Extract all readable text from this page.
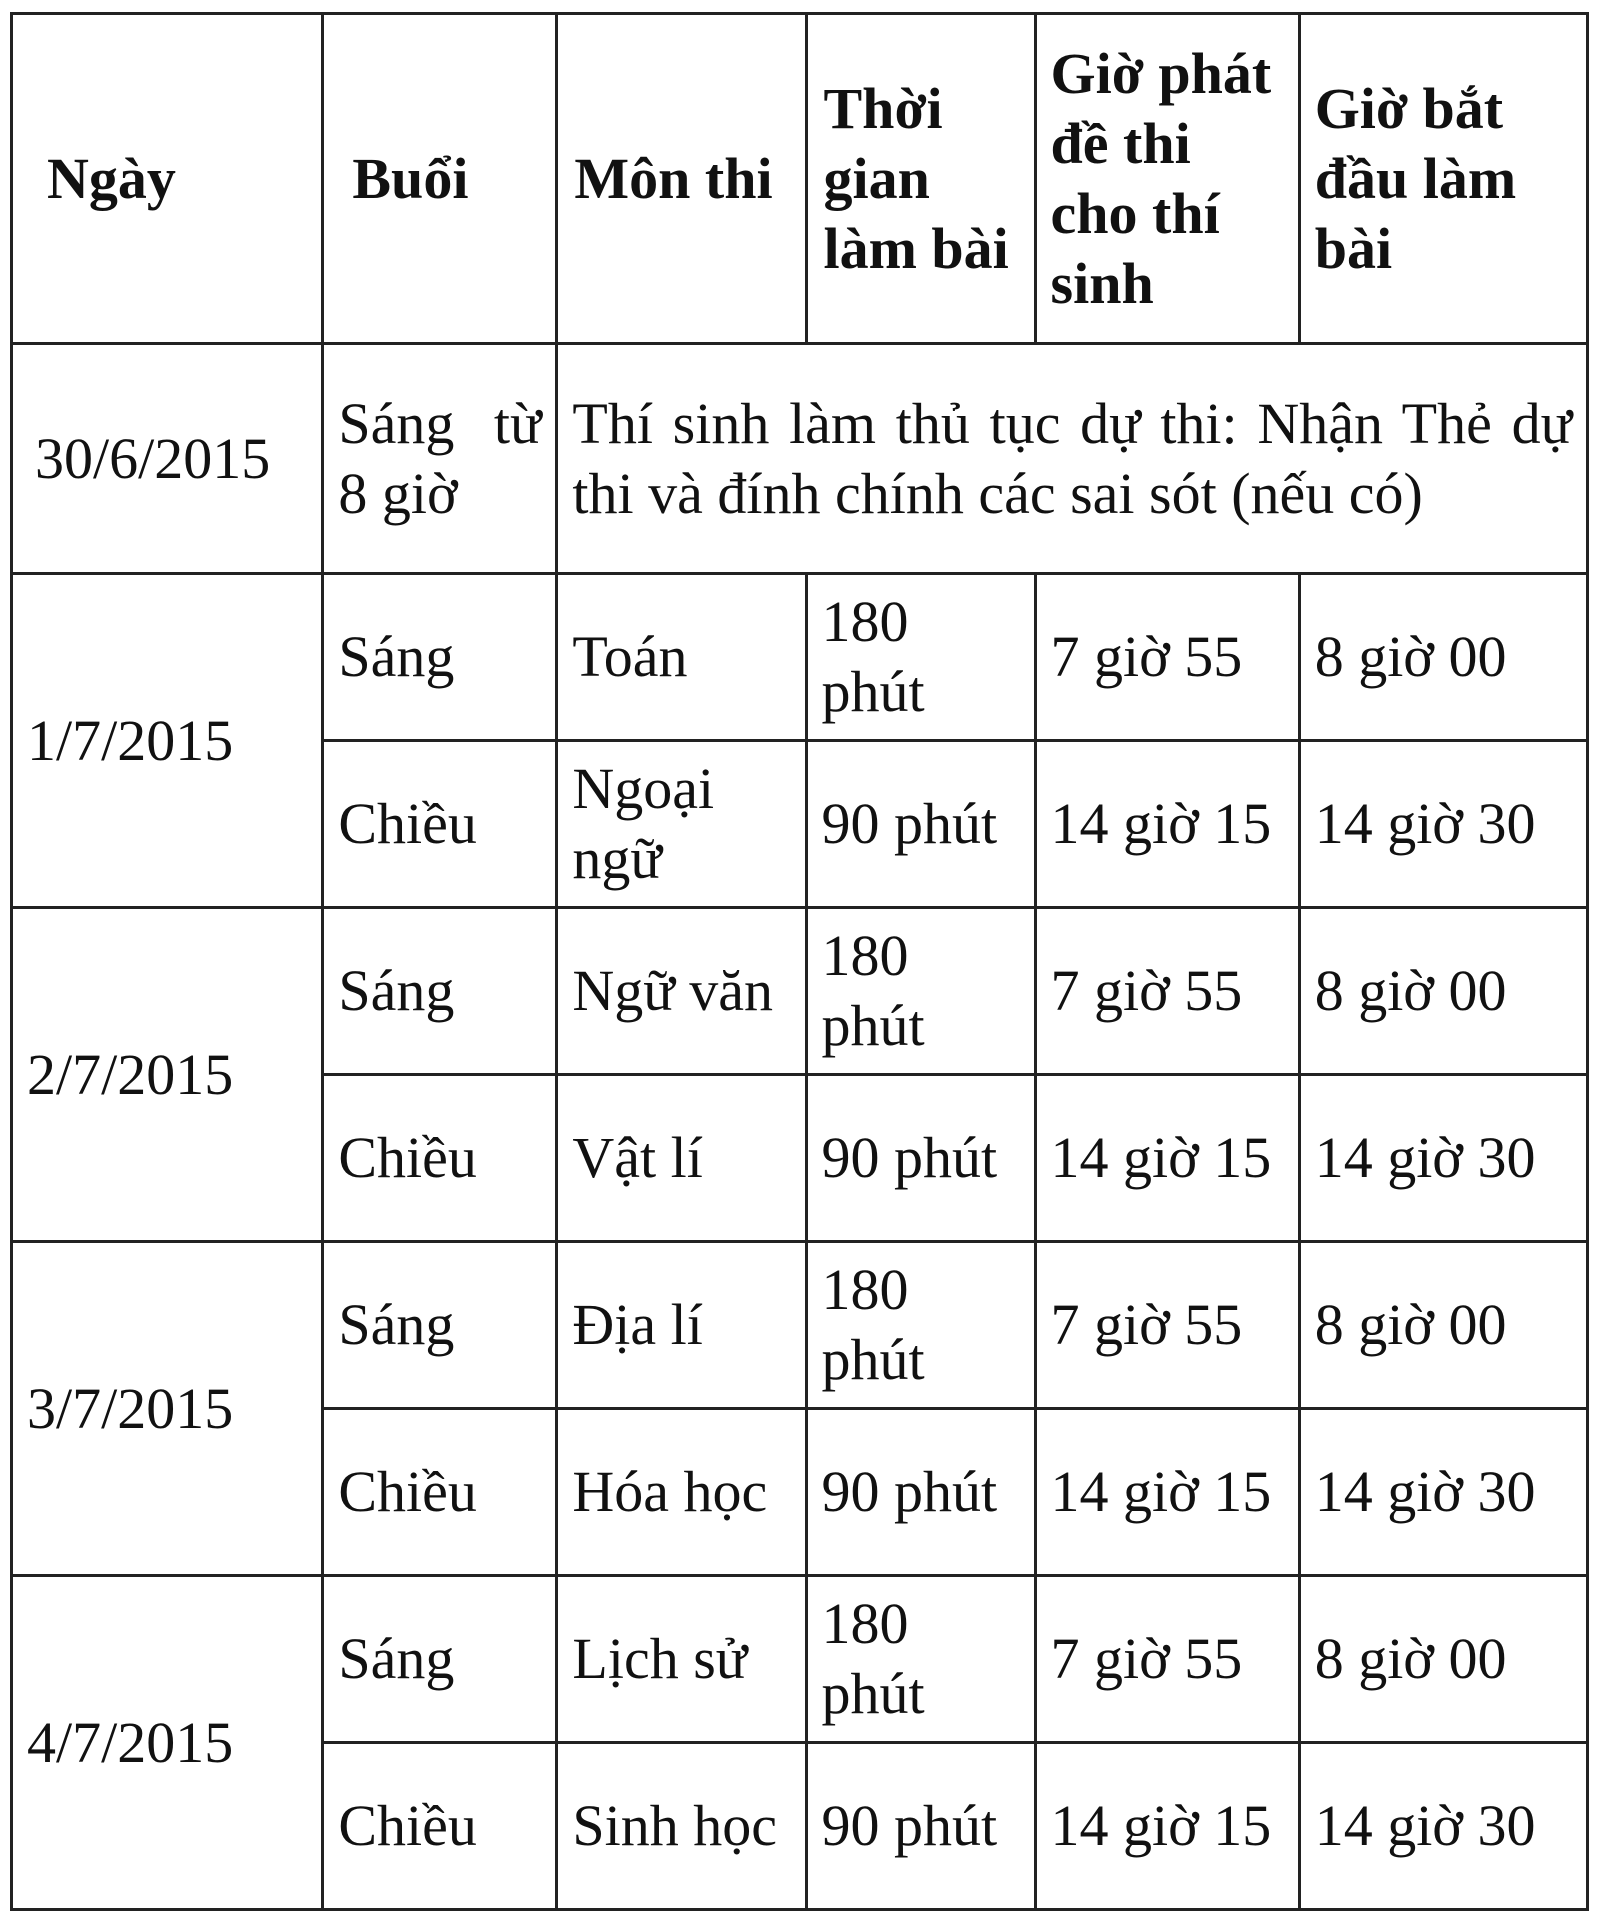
Ngày	Buổi	Môn thi	Thời gian làm bài	Giờ phát đề thi cho thí sinh	Giờ bắt đầu làm bài
30/6/2015	Sáng từ 8 giờ	Thí sinh làm thủ tục dự thi: Nhận Thẻ dự thi và đính chính các sai sót (nếu có)			
1/7/2015	Sáng	Toán	180 phút	7 giờ 55	8 giờ 00
	Chiều	Ngoại ngữ	90 phút	14 giờ 15	14 giờ 30
2/7/2015	Sáng	Ngữ văn	180 phút	7 giờ 55	8 giờ 00
	Chiều	Vật lí	90 phút	14 giờ 15	14 giờ 30
3/7/2015	Sáng	Địa lí	180 phút	7 giờ 55	8 giờ 00
	Chiều	Hóa học	90 phút	14 giờ 15	14 giờ 30
4/7/2015	Sáng	Lịch sử	180 phút	7 giờ 55	8 giờ 00
	Chiều	Sinh học	90 phút	14 giờ 15	14 giờ 30
